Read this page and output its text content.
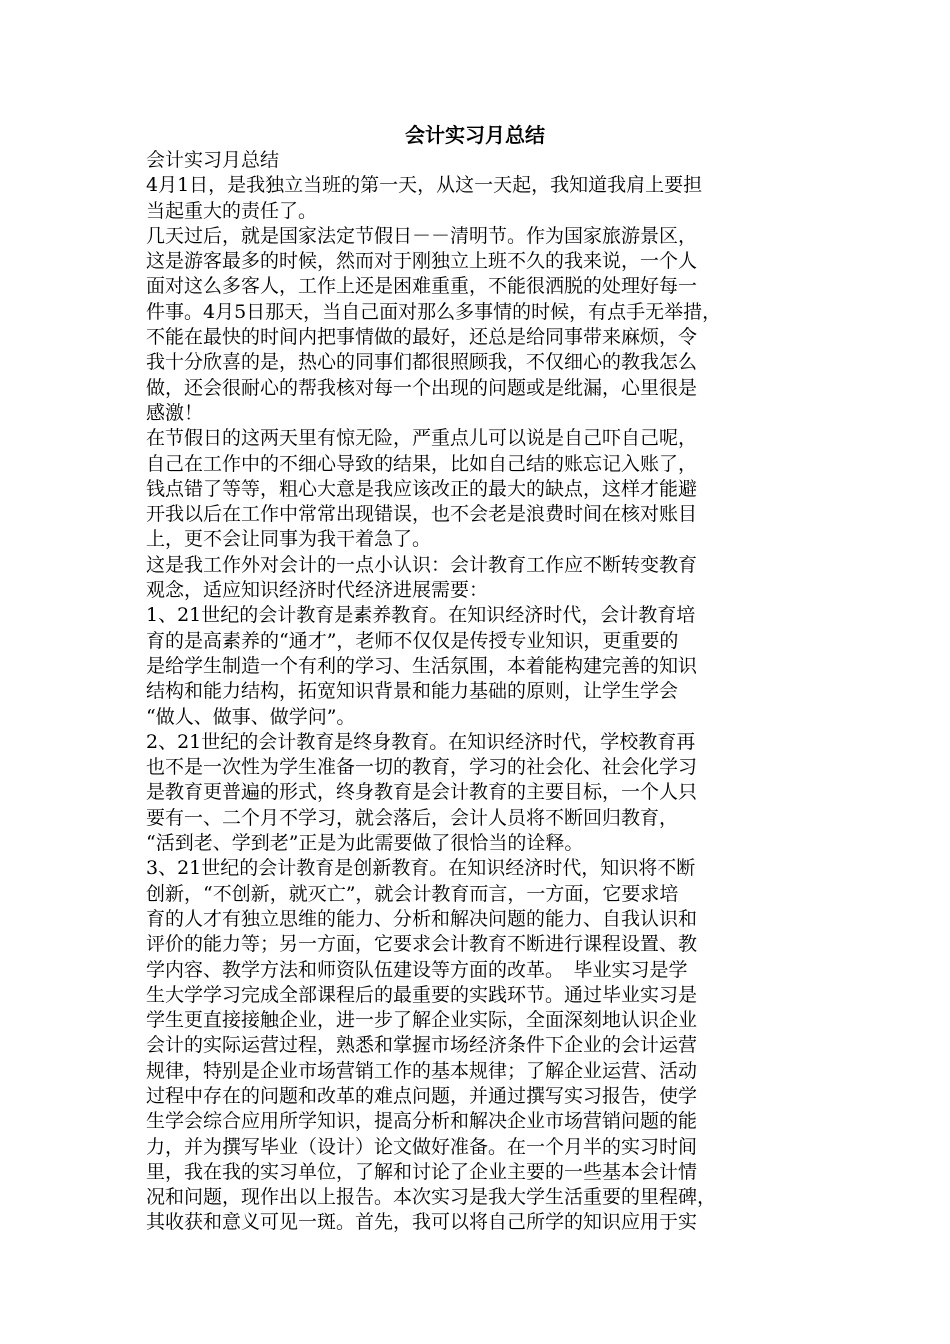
会计实习月总结
会计实习月总结
4月1日，是我独立当班的第一天，从这一天起，我知道我肩上要担
当起重大的责任了。
几天过后，就是国家法定节假日－－清明节。作为国家旅游景区，
这是游客最多的时候，然而对于刚独立上班不久的我来说，一个人
面对这么多客人，工作上还是困难重重，不能很洒脱的处理好每一
件事。4月5日那天，当自己面对那么多事情的时候，有点手无举措，
不能在最快的时间内把事情做的最好，还总是给同事带来麻烦，令
我十分欣喜的是，热心的同事们都很照顾我，不仅细心的教我怎么
做，还会很耐心的帮我核对每一个出现的问题或是纰漏，心里很是
感激！
在节假日的这两天里有惊无险，严重点儿可以说是自己吓自己呢，
自己在工作中的不细心导致的结果，比如自己结的账忘记入账了，
钱点错了等等，粗心大意是我应该改正的最大的缺点，这样才能避
开我以后在工作中常常出现错误，也不会老是浪费时间在核对账目
上，更不会让同事为我干着急了。
这是我工作外对会计的一点小认识：会计教育工作应不断转变教育
观念，适应知识经济时代经济进展需要：
1、21世纪的会计教育是素养教育。在知识经济时代，会计教育培
育的是高素养的“通才”，老师不仅仅是传授专业知识，更重要的
是给学生制造一个有利的学习、生活氛围，本着能构建完善的知识
结构和能力结构，拓宽知识背景和能力基础的原则，让学生学会
“做人、做事、做学问”。
2、21世纪的会计教育是终身教育。在知识经济时代，学校教育再
也不是一次性为学生准备一切的教育，学习的社会化、社会化学习
是教育更普遍的形式，终身教育是会计教育的主要目标，一个人只
要有一、二个月不学习，就会落后，会计人员将不断回归教育，
“活到老、学到老”正是为此需要做了很恰当的诠释。
3、21世纪的会计教育是创新教育。在知识经济时代，知识将不断
创新，“不创新，就灭亡”，就会计教育而言，一方面，它要求培
育的人才有独立思维的能力、分析和解决问题的能力、自我认识和
评价的能力等；另一方面，它要求会计教育不断进行课程设置、教
学内容、教学方法和师资队伍建设等方面的改革。　毕业实习是学
生大学学习完成全部课程后的最重要的实践环节。通过毕业实习是
学生更直接接触企业，进一步了解企业实际，全面深刻地认识企业
会计的实际运营过程，熟悉和掌握市场经济条件下企业的会计运营
规律，特别是企业市场营销工作的基本规律；了解企业运营、活动
过程中存在的问题和改革的难点问题，并通过撰写实习报告，使学
生学会综合应用所学知识，提高分析和解决企业市场营销问题的能
力，并为撰写毕业（设计）论文做好准备。在一个月半的实习时间
里，我在我的实习单位，了解和讨论了企业主要的一些基本会计情
况和问题，现作出以上报告。本次实习是我大学生活重要的里程碑，
其收获和意义可见一斑。首先，我可以将自己所学的知识应用于实
